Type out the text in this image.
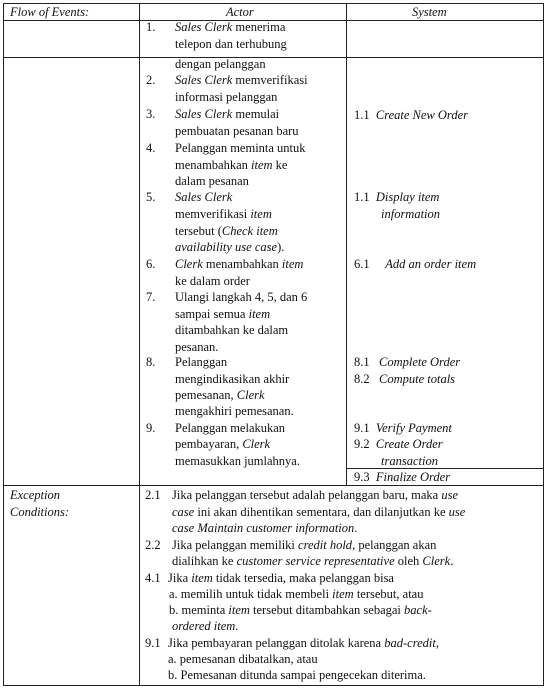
Flow of Events:	Actor	System
1. Sales Clerk menerima
telepon dan terhubung
dengan pelanggan
2. Sales Clerk memverifikasi
informasi pelanggan
3. Sales Clerk memulai
pembuatan pesanan baru
4. Pelanggan meminta untuk
menambahkan item ke
dalam pesanan
5. Sales Clerk
memverifikasi item
tersebut (Check item
availability use case).
6. Clerk menambahkan item
ke dalam order
7. Ulangi langkah 4, 5, dan 6
sampai semua item
ditambahkan ke dalam
pesanan.
8. Pelanggan
mengindikasikan akhir
pemesanan, Clerk
mengakhiri pemesanan.
9. Pelanggan melakukan
pembayaran, Clerk
memasukkan jumlahnya.
1.1 Create New Order
1.1 Display item
information
6.1 Add an order item
8.1 Complete Order
8.2 Compute totals
9.1 Verify Payment
9.2 Create Order
transaction
9.3 Finalize Order
Exception
Conditions:
2.1 Jika pelanggan tersebut adalah pelanggan baru, maka use
case ini akan dihentikan sementara, dan dilanjutkan ke use
case Maintain customer information.
2.2 Jika pelanggan memiliki credit hold, pelanggan akan
dialihkan ke customer service representative oleh Clerk.
4.1 Jika item tidak tersedia, maka pelanggan bisa
a. memilih untuk tidak membeli item tersebut, atau
b. meminta item tersebut ditambahkan sebagai back-
ordered item.
9.1 Jika pembayaran pelanggan ditolak karena bad-credit,
a. pemesanan dibatalkan, atau
b. Pemesanan ditunda sampai pengecekan diterima.
